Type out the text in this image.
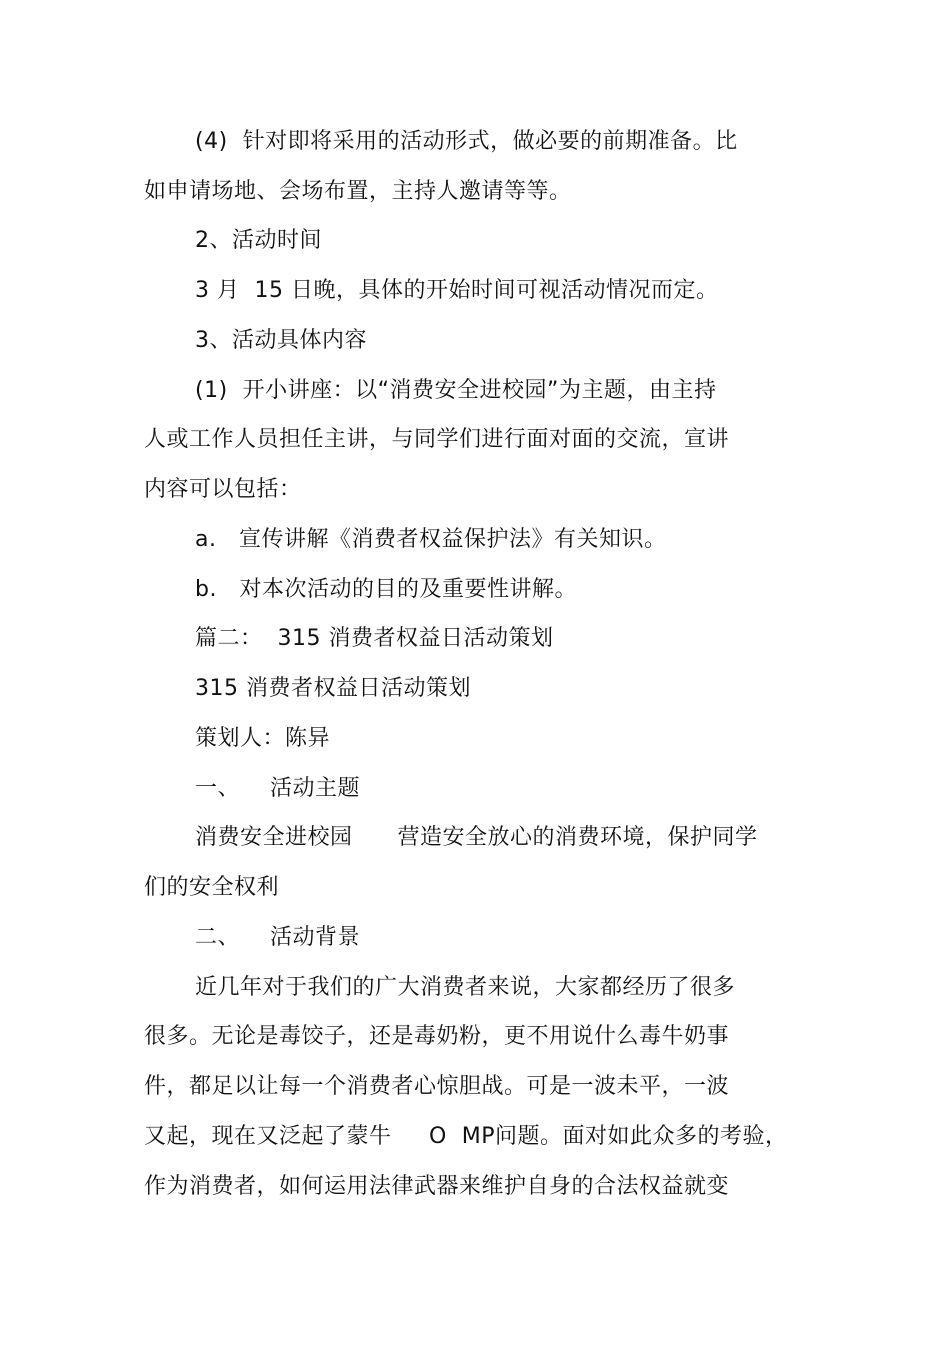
(4)  针对即将采用的活动形式，做必要的前期准备。比
如申请场地、会场布置，主持人邀请等等。
2、活动时间
3 月  15 日晚，具体的开始时间可视活动情况而定。
3、活动具体内容
(1)  开小讲座：以“消费安全进校园”为主题，由主持
人或工作人员担任主讲，与同学们进行面对面的交流，宣讲
内容可以包括：
a.   宣传讲解《消费者权益保护法》有关知识。
b.   对本次活动的目的及重要性讲解。
篇二：  315 消费者权益日活动策划
315 消费者权益日活动策划
策划人：陈异
一、    活动主题
消费安全进校园      营造安全放心的消费环境，保护同学
们的安全权利
二、    活动背景
近几年对于我们的广大消费者来说，大家都经历了很多
很多。无论是毒饺子，还是毒奶粉，更不用说什么毒牛奶事
件，都足以让每一个消费者心惊胆战。可是一波未平，一波
又起，现在又泛起了蒙牛     O  MP问题。面对如此众多的考验，
作为消费者，如何运用法律武器来维护自身的合法权益就变
